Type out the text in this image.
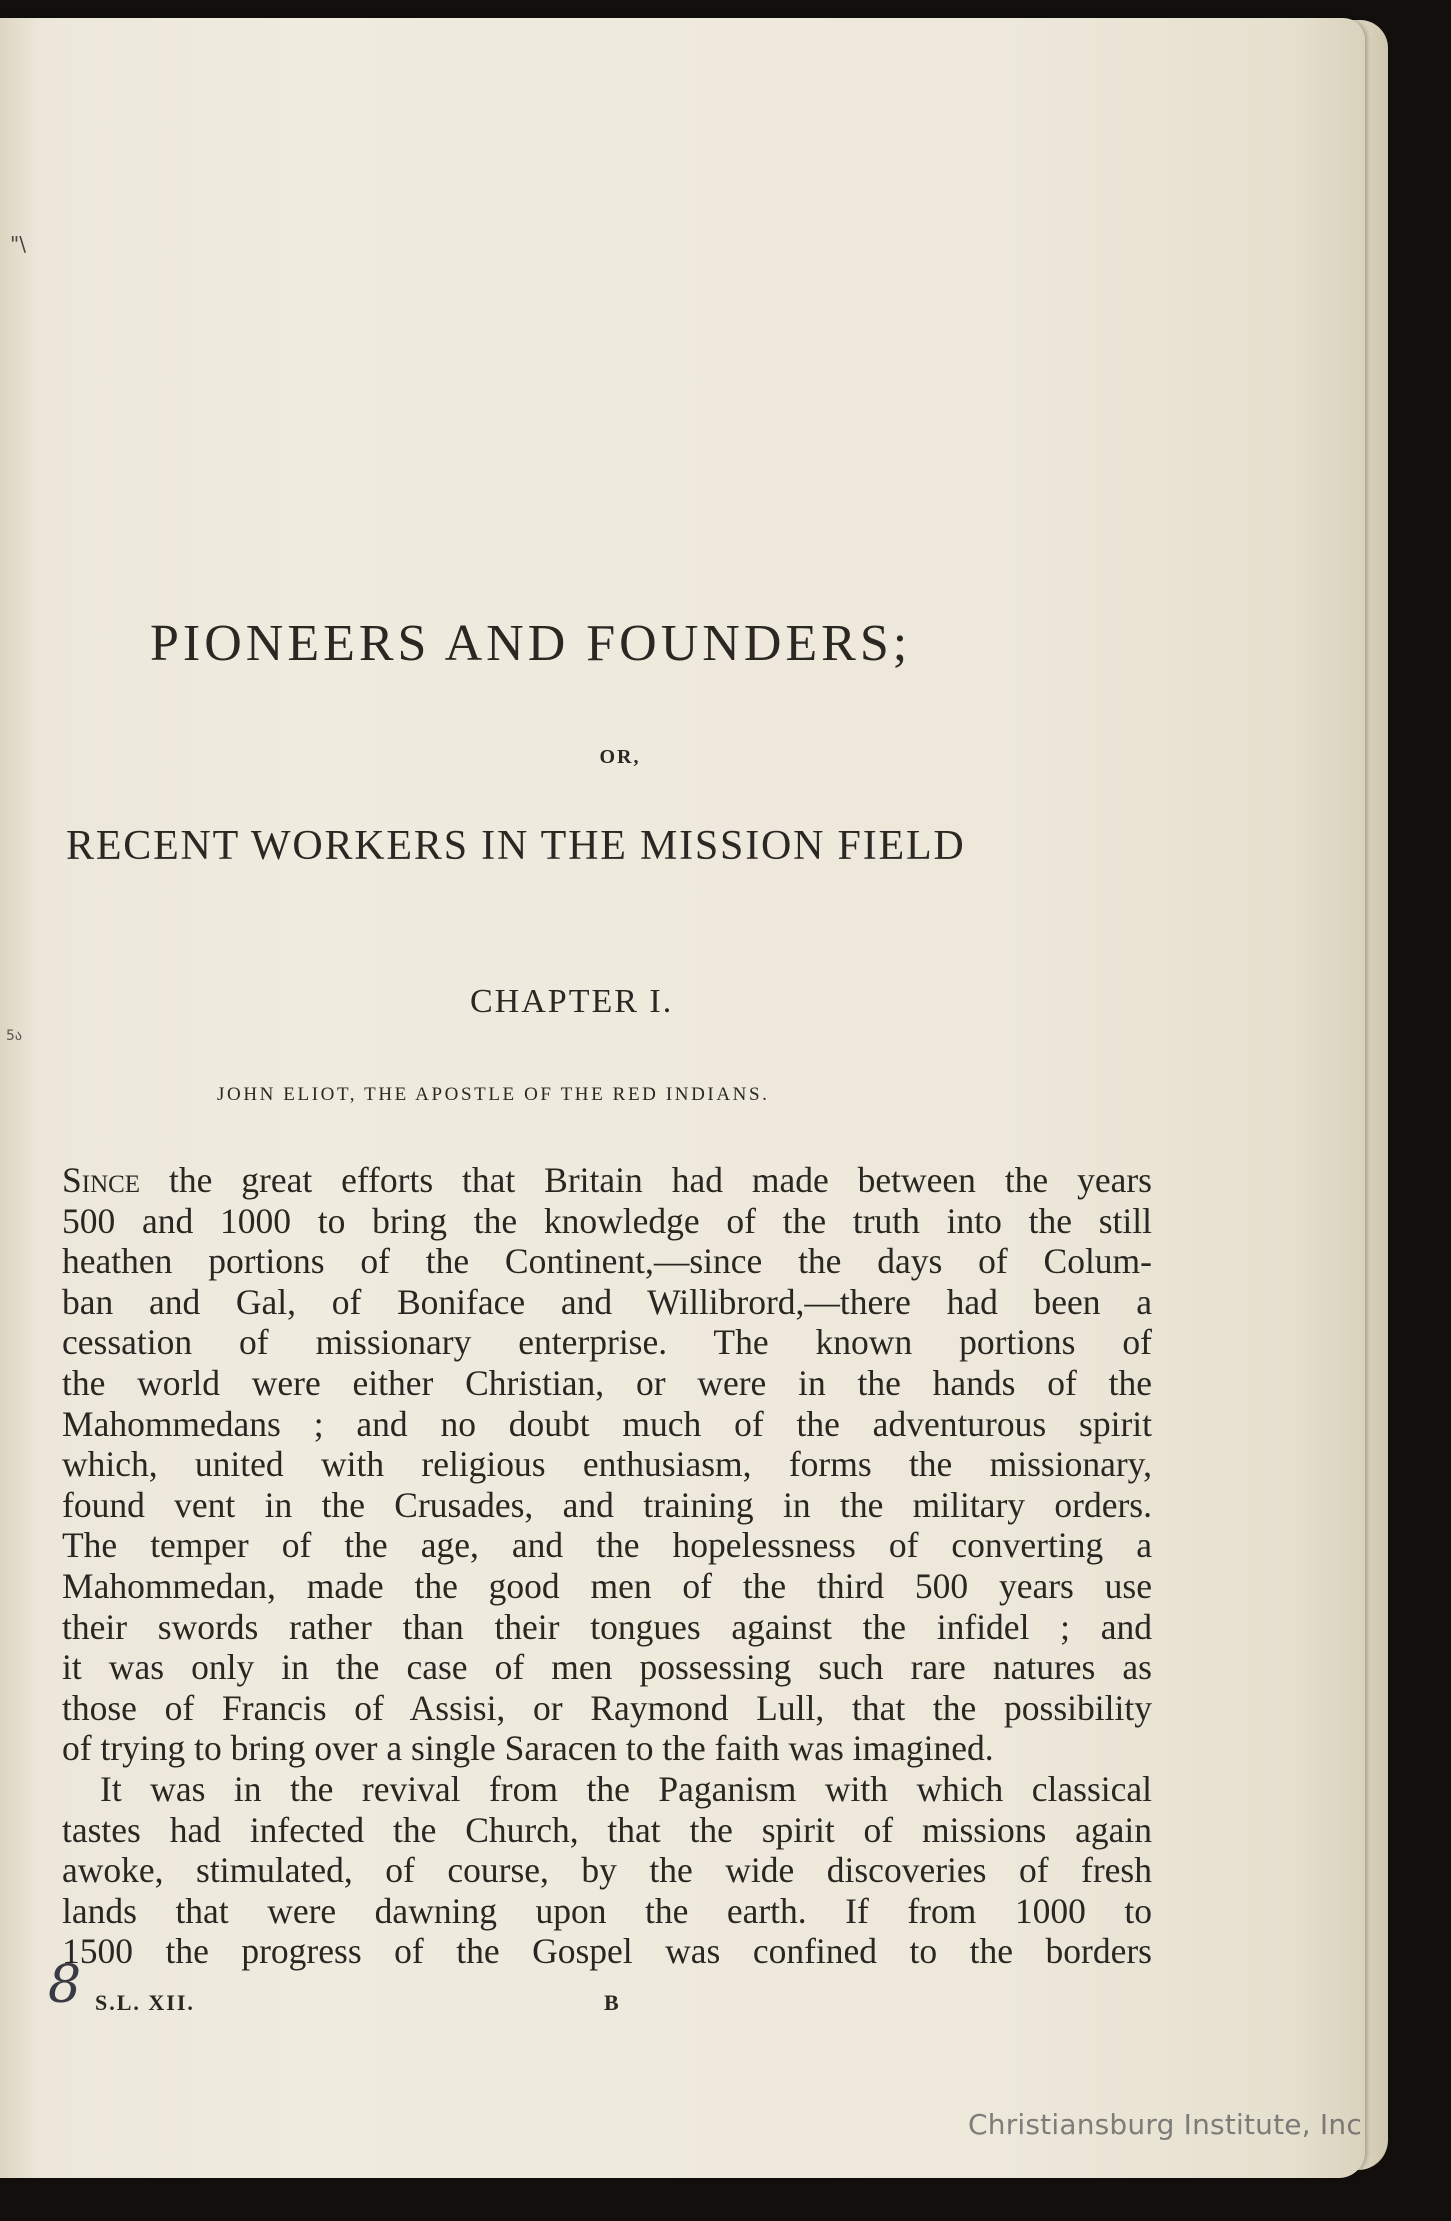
"\
5ა
PIONEERS AND FOUNDERS;
OR,
RECENT WORKERS IN THE MISSION FIELD
CHAPTER I.
JOHN ELIOT, THE APOSTLE OF THE RED INDIANS.
Since the great efforts that Britain had made between the years
500 and 1000 to bring the knowledge of the truth into the still
heathen portions of the Continent,—since the days of Colum-
ban and Gal, of Boniface and Willibrord,—there had been a
cessation of missionary enterprise. The known portions of
the world were either Christian, or were in the hands of the
Mahommedans ; and no doubt much of the adventurous spirit
which, united with religious enthusiasm, forms the missionary,
found vent in the Crusades, and training in the military orders.
The temper of the age, and the hopelessness of converting a
Mahommedan, made the good men of the third 500 years use
their swords rather than their tongues against the infidel ; and
it was only in the case of men possessing such rare natures as
those of Francis of Assisi, or Raymond Lull, that the possibility
of trying to bring over a single Saracen to the faith was imagined.
It was in the revival from the Paganism with which classical
tastes had infected the Church, that the spirit of missions again
awoke, stimulated, of course, by the wide discoveries of fresh
lands that were dawning upon the earth. If from 1000 to
1500 the progress of the Gospel was confined to the borders
8 S.L. XII.	B
Christiansburg Institute, Inc
